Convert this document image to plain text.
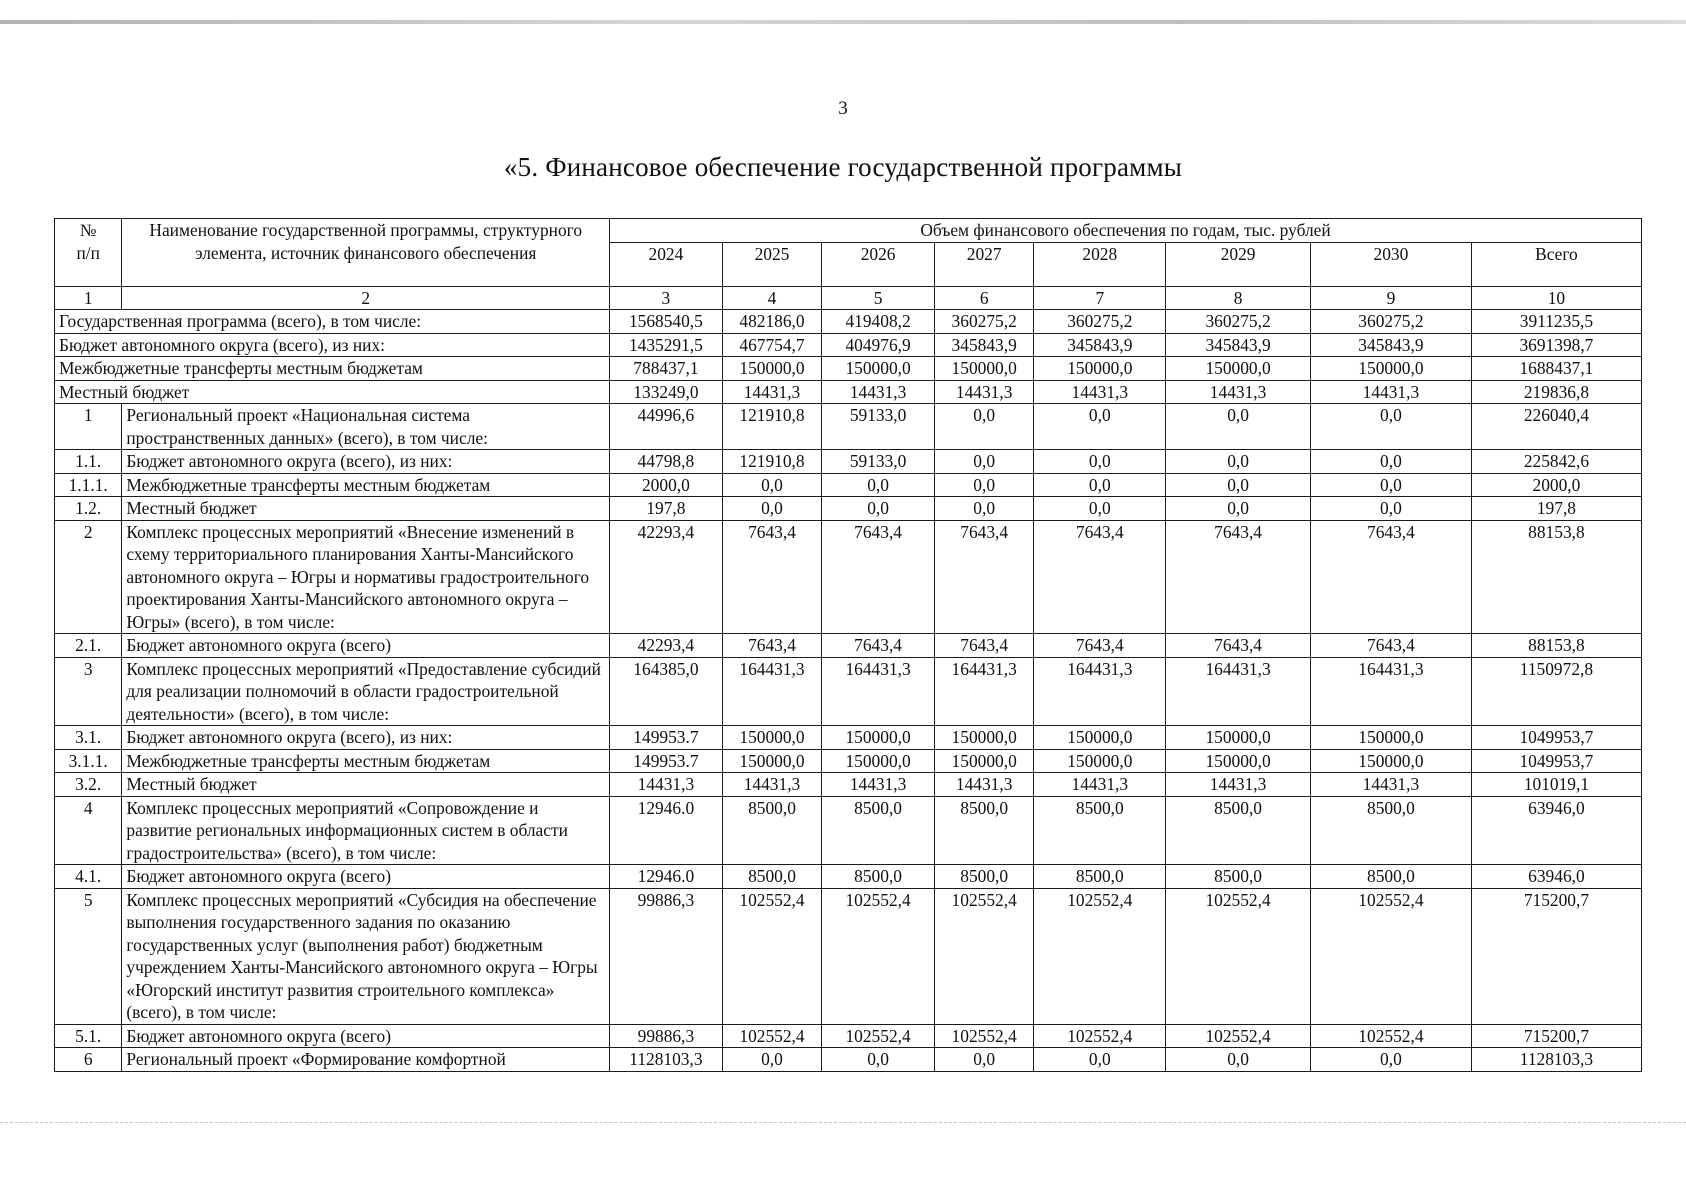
3
«5. Финансовое обеспечение государственной программы
№
п/п	Наименование государственной программы, структурного элемента, источник финансового обеспечения	Объем финансового обеспечения по годам, тыс. рублей							
		2024	2025	2026	2027	2028	2029	2030	Всего
1	2	3	4	5	6	7	8	9	10
Государственная программа (всего), в том числе:		1568540,5	482186,0	419408,2	360275,2	360275,2	360275,2	360275,2	3911235,5
Бюджет автономного округа (всего), из них:		1435291,5	467754,7	404976,9	345843,9	345843,9	345843,9	345843,9	3691398,7
Межбюджетные трансферты местным бюджетам		788437,1	150000,0	150000,0	150000,0	150000,0	150000,0	150000,0	1688437,1
Местный бюджет		133249,0	14431,3	14431,3	14431,3	14431,3	14431,3	14431,3	219836,8
1	Региональный проект «Национальная система пространственных данных» (всего), в том числе:	44996,6	121910,8	59133,0	0,0	0,0	0,0	0,0	226040,4
1.1.	Бюджет автономного округа (всего), из них:	44798,8	121910,8	59133,0	0,0	0,0	0,0	0,0	225842,6
1.1.1.	Межбюджетные трансферты местным бюджетам	2000,0	0,0	0,0	0,0	0,0	0,0	0,0	2000,0
1.2.	Местный бюджет	197,8	0,0	0,0	0,0	0,0	0,0	0,0	197,8
2	Комплекс процессных мероприятий «Внесение изменений в схему территориального планирования Ханты-Мансийского автономного округа – Югры и нормативы градостроительного проектирования Ханты-Мансийского автономного округа – Югры» (всего), в том числе:	42293,4	7643,4	7643,4	7643,4	7643,4	7643,4	7643,4	88153,8
2.1.	Бюджет автономного округа (всего)	42293,4	7643,4	7643,4	7643,4	7643,4	7643,4	7643,4	88153,8
3	Комплекс процессных мероприятий «Предоставление субсидий для реализации полномочий в области градостроительной деятельности» (всего), в том числе:	164385,0	164431,3	164431,3	164431,3	164431,3	164431,3	164431,3	1150972,8
3.1.	Бюджет автономного округа (всего), из них:	149953.7	150000,0	150000,0	150000,0	150000,0	150000,0	150000,0	1049953,7
3.1.1.	Межбюджетные трансферты местным бюджетам	149953.7	150000,0	150000,0	150000,0	150000,0	150000,0	150000,0	1049953,7
3.2.	Местный бюджет	14431,3	14431,3	14431,3	14431,3	14431,3	14431,3	14431,3	101019,1
4	Комплекс процессных мероприятий «Сопровождение и развитие региональных информационных систем в области градостроительства» (всего), в том числе:	12946.0	8500,0	8500,0	8500,0	8500,0	8500,0	8500,0	63946,0
4.1.	Бюджет автономного округа (всего)	12946.0	8500,0	8500,0	8500,0	8500,0	8500,0	8500,0	63946,0
5	Комплекс процессных мероприятий «Субсидия на обеспечение выполнения государственного задания по оказанию государственных услуг (выполнения работ) бюджетным учреждением Ханты-Мансийского автономного округа – Югры «Югорский институт развития строительного комплекса» (всего), в том числе:	99886,3	102552,4	102552,4	102552,4	102552,4	102552,4	102552,4	715200,7
5.1.	Бюджет автономного округа (всего)	99886,3	102552,4	102552,4	102552,4	102552,4	102552,4	102552,4	715200,7
6	Региональный проект «Формирование комфортной	1128103,3	0,0	0,0	0,0	0,0	0,0	0,0	1128103,3
